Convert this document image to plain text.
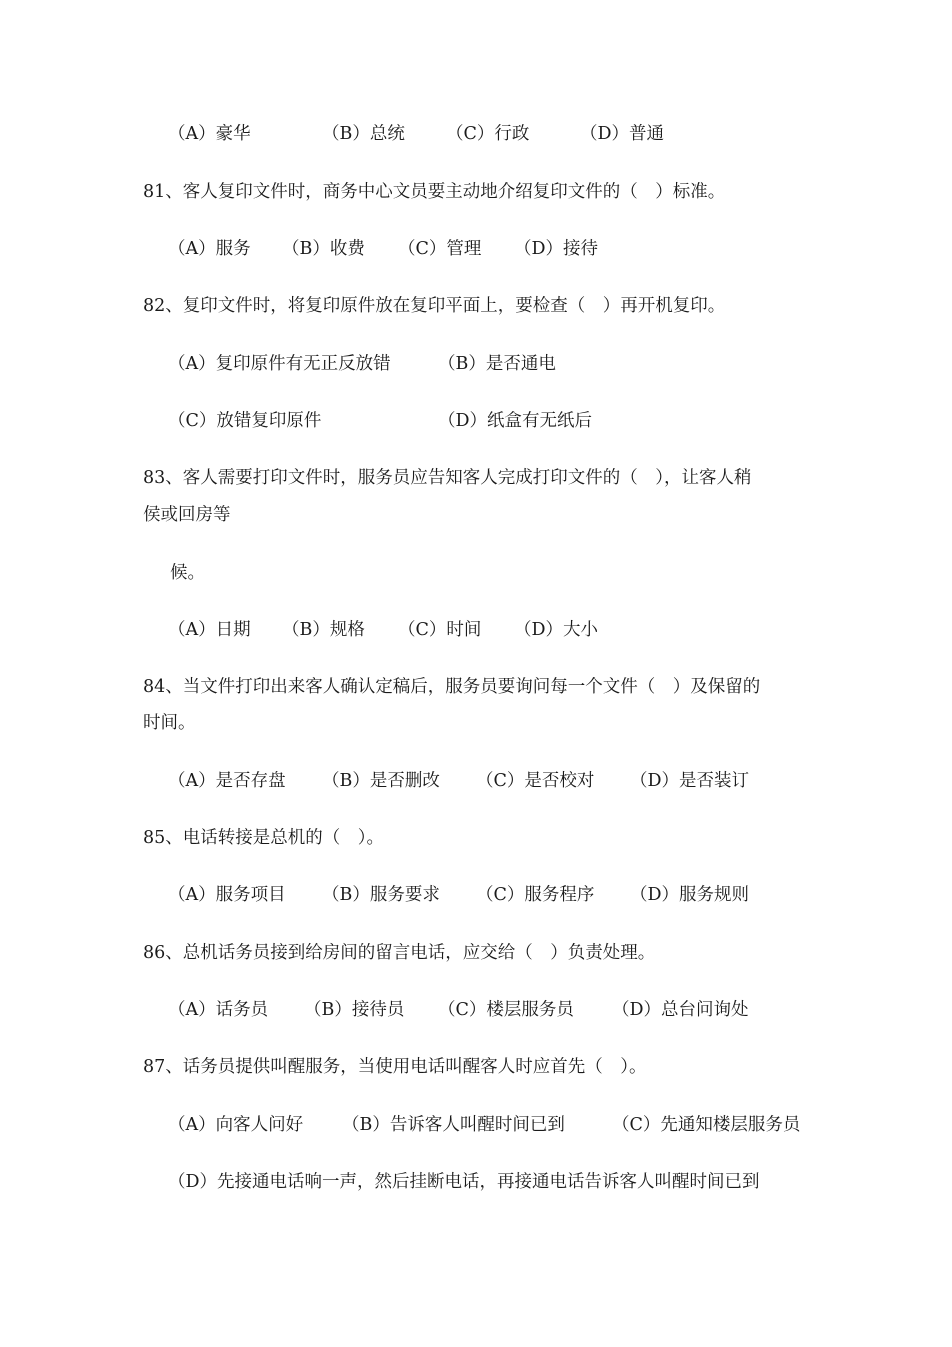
（A）豪华	（B）总统 （C）行政	（D）普通
81、客人复印文件时，商务中心文员要主动地介绍复印文件的（　）标准。
（A）服务 （B）收费 （C）管理 （D）接待
82、复印文件时，将复印原件放在复印平面上，要检查（　）再开机复印。
（A）复印原件有无正反放错	（B）是否通电
（C）放错复印原件	（D）纸盒有无纸后
83、客人需要打印文件时，服务员应告知客人完成打印文件的（　），让客人稍
侯或回房等
候。
（A）日期 （B）规格 （C）时间 （D）大小
84、当文件打印出来客人确认定稿后，服务员要询问每一个文件（　）及保留的
时间。
（A）是否存盘 （B）是否删改 （C）是否校对 （D）是否装订
85、电话转接是总机的（　）。
（A）服务项目 （B）服务要求 （C）服务程序 （D）服务规则
86、总机话务员接到给房间的留言电话，应交给（　）负责处理。
（A）话务员 （B）接待员 （C）楼层服务员 （D）总台问询处
87、话务员提供叫醒服务，当使用电话叫醒客人时应首先（　）。
（A）向客人问好 （B）告诉客人叫醒时间已到	（C）先通知楼层服务员
（D）先接通电话响一声，然后挂断电话，再接通电话告诉客人叫醒时间已到
